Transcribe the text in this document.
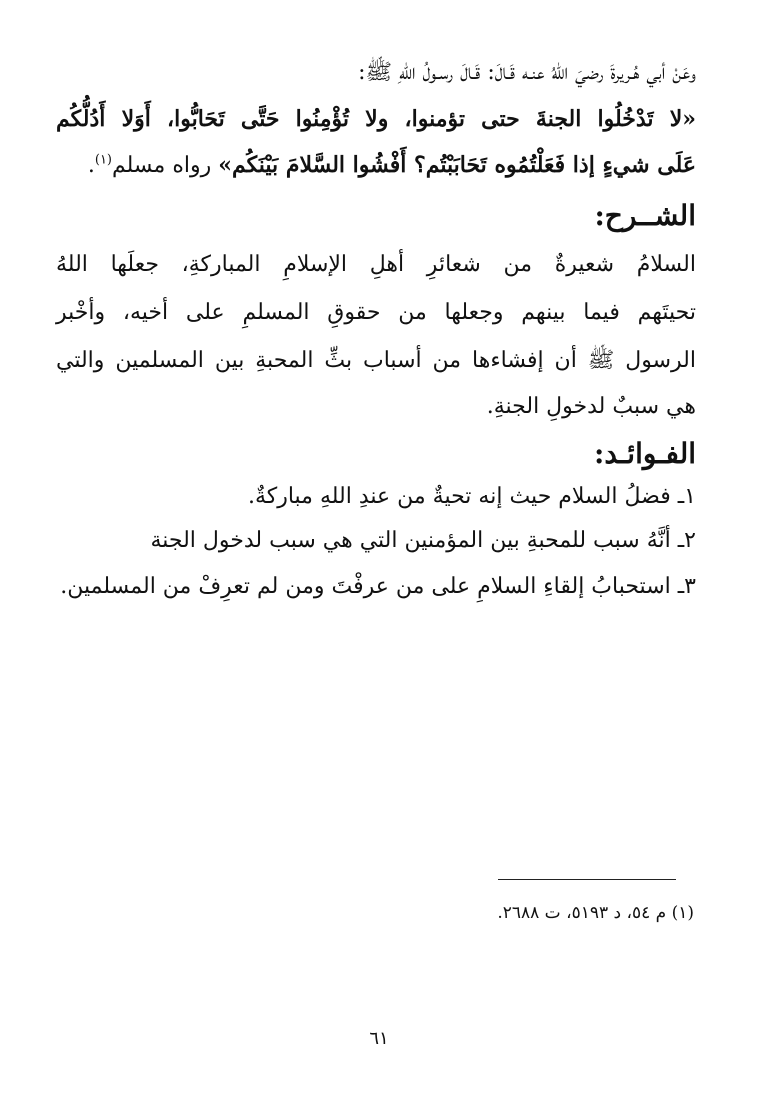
وعَنْ أبي هُـريرةَ رضيَ اللهُ عنـه قَـالَ: قَـالَ رسـولُ اللهِ ﷺ:
«لا تَدْخُلُوا الجنةَ حتى تؤمنوا، ولا تُؤْمِنُوا حَتَّى تَحَابُّوا، أَوَلا أَدُلُّكُم
عَلَى شيءٍ إذا فَعَلْتُمُوه تَحَابَبْتُم؟ أَفْشُوا السَّلامَ بَيْنَكُم» رواه مسلم$^{(١)}$.
الشــرح:
السلامُ شعيرةٌ من شعائرِ أهلِ الإسلامِ المباركةِ، جعلَها اللهُ
تحيتَهم فيما بينهم وجعلها من حقوقِ المسلمِ على أخيه، وأخْبر
الرسول ﷺ أن إفشاءها من أسباب بثِّ المحبةِ بين المسلمين والتي
هي سببٌ لدخولِ الجنةِ.
الفـوائـد:
١ـ فضلُ السلام حيث إنه تحيةٌ من عندِ اللهِ مباركةٌ.
٢ـ أنَّهُ سبب للمحبةِ بين المؤمنين التي هي سبب لدخول الجنة
٣ـ استحبابُ إلقاءِ السلامِ على من عرفْتَ ومن لم تعرِفْ من المسلمين.
(١) م ٥٤، د ٥١٩٣، ت ٢٦٨٨.
٦١
